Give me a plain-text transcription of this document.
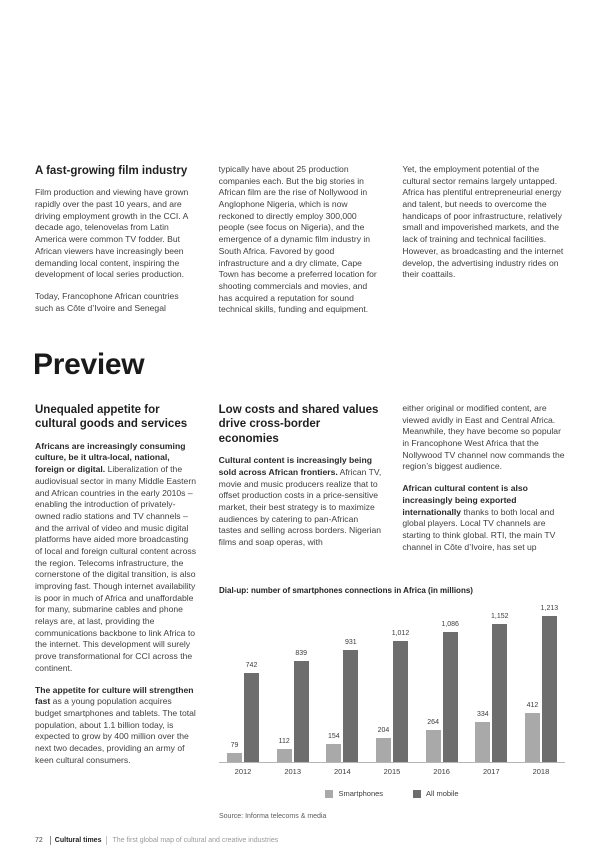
A fast-growing film industry

Film production and viewing have grown rapidly over the past 10 years, and are driving employment growth in the CCI. A decade ago, telenovelas from Latin America were common TV fodder. But African viewers have increasingly been demanding local content, inspiring the development of local series production.

Today, Francophone African countries such as Côte d’Ivoire and Senegal

typically have about 25 production companies each. But the big stories in African film are the rise of Nollywood in Anglophone Nigeria, which is now reckoned to directly employ 300,000 people (see focus on Nigeria), and the emergence of a dynamic film industry in South Africa. Favored by good infrastructure and a dry climate, Cape Town has become a preferred location for shooting commercials and movies, and has acquired a reputation for sound technical skills, funding and equipment.

Yet, the employment potential of the cultural sector remains largely untapped. Africa has plentiful entrepreneurial energy and talent, but needs to overcome the handicaps of poor infrastructure, relatively small and impoverished markets, and the lack of training and technical facilities. However, as broadcasting and the internet develop, the advertising industry rides on their coattails.

Preview
Unequaled appetite for cultural goods and services

Africans are increasingly consuming culture, be it ultra-local, national, foreign or digital. Liberalization of the audiovisual sector in many Middle Eastern and African countries in the early 2010s – enabling the introduction of privately-owned radio stations and TV channels – and the arrival of video and music digital platforms have aided more broadcasting of local and foreign cultural content across the region. Telecoms infrastructure, the cornerstone of the digital transition, is also improving fast. Though internet availability is poor in much of Africa and unaffordable for many, submarine cables and phone relays are, at last, providing the communications backbone to link Africa to the internet. This development will surely prove transformational for CCI across the continent.

The appetite for culture will strengthen fast as a young population acquires budget smartphones and tablets. The total population, about 1.1 billion today, is expected to grow by 400 million over the next two decades, providing an army of keen cultural consumers.

Low costs and shared values drive cross-border economies

Cultural content is increasingly being sold across African frontiers. African TV, movie and music producers realize that to offset production costs in a price-sensitive market, their best strategy is to maximize audiences by catering to pan-African tastes and selling across borders. Nigerian films and soap operas, with

either original or modified content, are viewed avidly in East and Central Africa. Meanwhile, they have become so popular in Francophone West Africa that the Nollywood TV channel now commands the region’s biggest audience.

African cultural content is also increasingly being exported internationally thanks to both local and global players. Local TV channels are starting to think global. RTI, the main TV channel in Côte d’Ivoire, has set up

Dial-up: number of smartphones connections in Africa (in millions)
79
742
112
839
154
931
204
1,012
264
1,086
334
1,152
412
1,213
2012	2013	2014	2015	2016	2017	2018
Smartphones	All mobile
Source: Informa telecoms & media
72 Cultural times The first global map of cultural and creative industries
